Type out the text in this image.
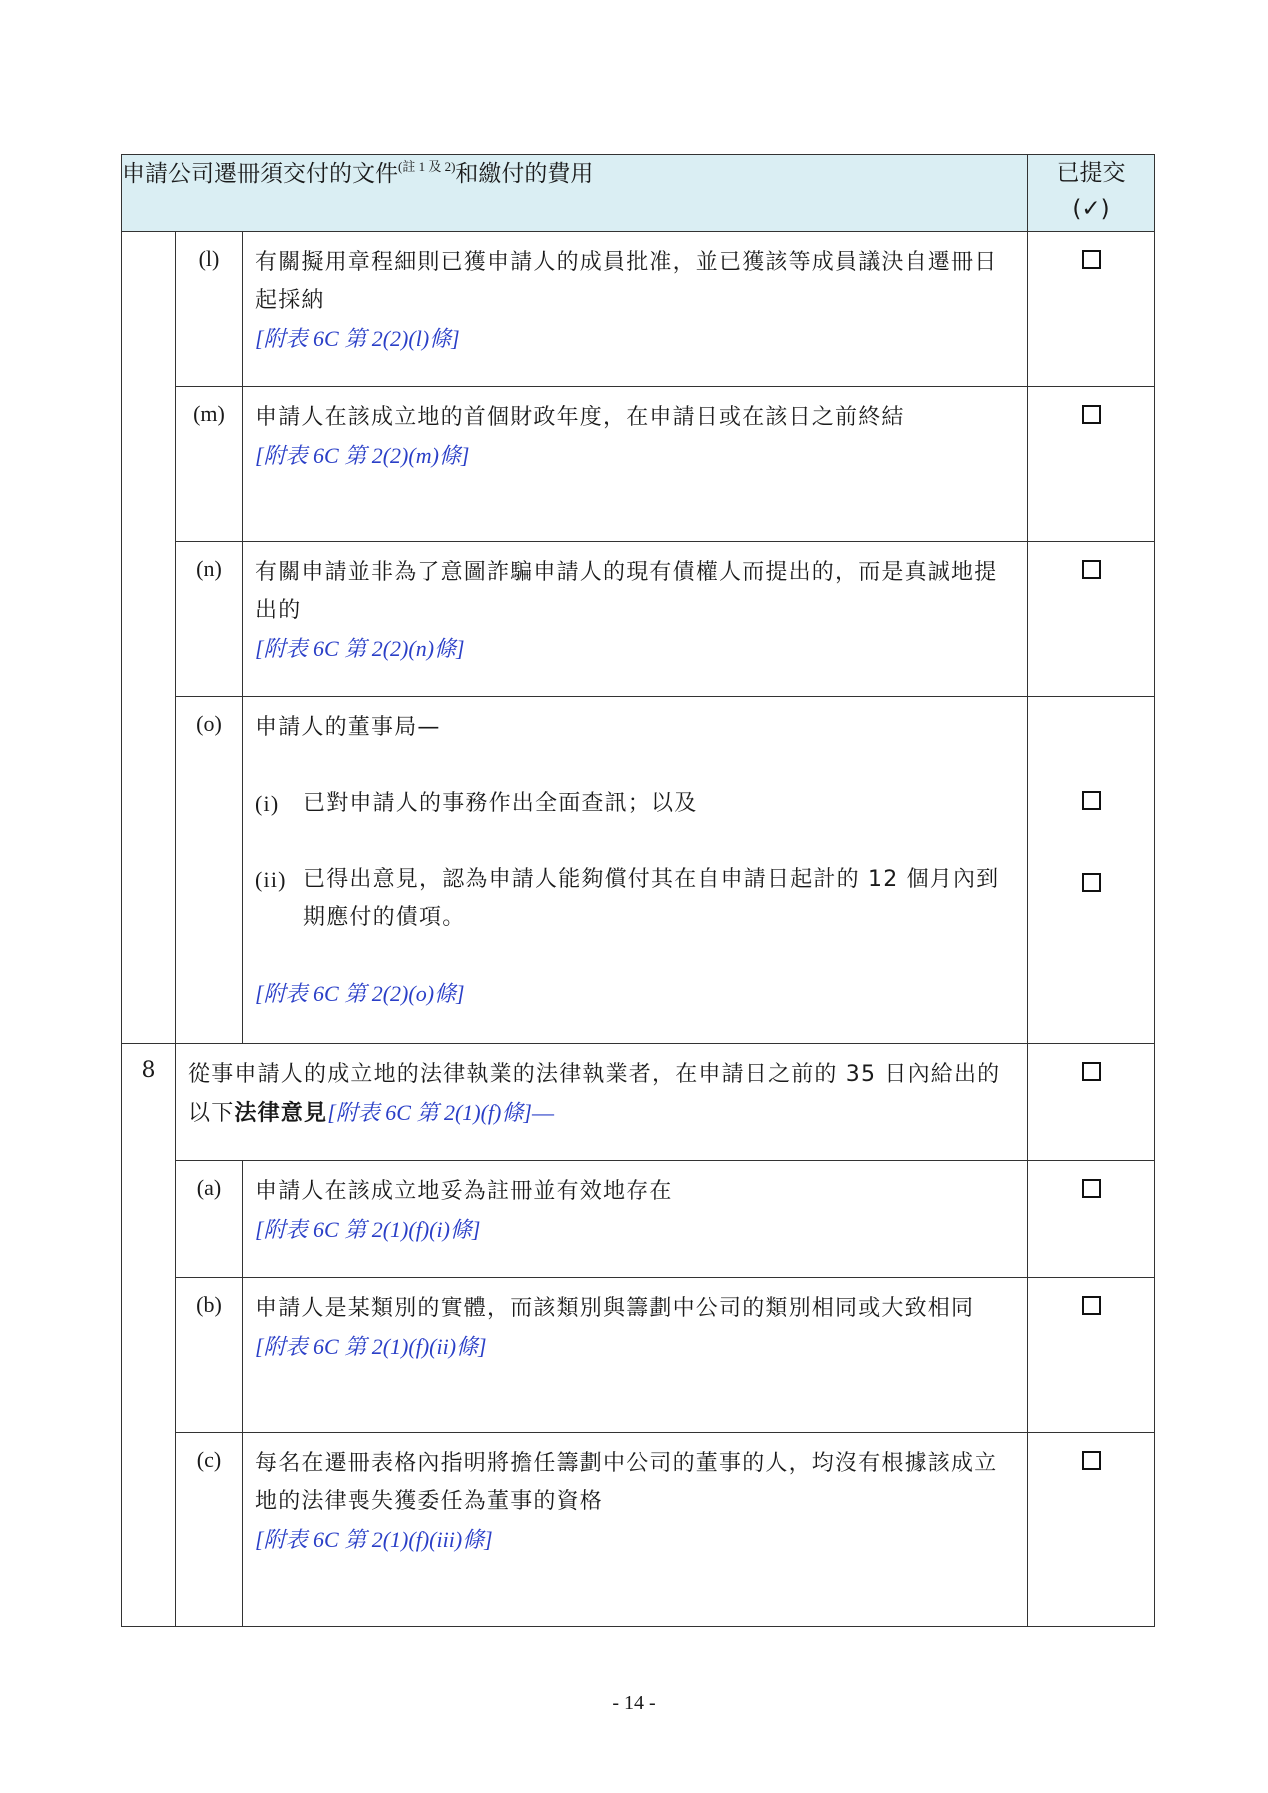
申請公司遷冊須交付的文件$^{(註 1 及 2)}$和繳付的費用			已提交
(✓)

	(l)	有關擬用章程細則已獲申請人的成員批准，並已獲該等成員議決自遷冊日起採納
[附表 6C 第 2(2)(l)條]	

	(m)	申請人在該成立地的首個財政年度，在申請日或在該日之前終結
[附表 6C 第 2(2)(m)條]	

	(n)	有關申請並非為了意圖詐騙申請人的現有債權人而提出的，而是真誠地提出的
[附表 6C 第 2(2)(n)條]	

(o)	申請人的董事局—
(i)	已對申請人的事務作出全面查訊；以及
(ii) 已得出意見，認為申請人能夠償付其在自申請日起計的 12 個月內到期應付的債項。
[附表 6C 第 2(2)(o)條]

8	從事申請人的成立地的法律執業的法律執業者，在申請日之前的 35 日內給出的以下法律意見[附表 6C 第 2(1)(f)條]—		
	(a)	申請人在該成立地妥為註冊並有效地存在
[附表 6C 第 2(1)(f)(i)條]	

	(b)	申請人是某類別的實體，而該類別與籌劃中公司的類別相同或大致相同
[附表 6C 第 2(1)(f)(ii)條]	

	(c)	每名在遷冊表格內指明將擔任籌劃中公司的董事的人，均沒有根據該成立地的法律喪失獲委任為董事的資格
[附表 6C 第 2(1)(f)(iii)條]	

- 14 -
